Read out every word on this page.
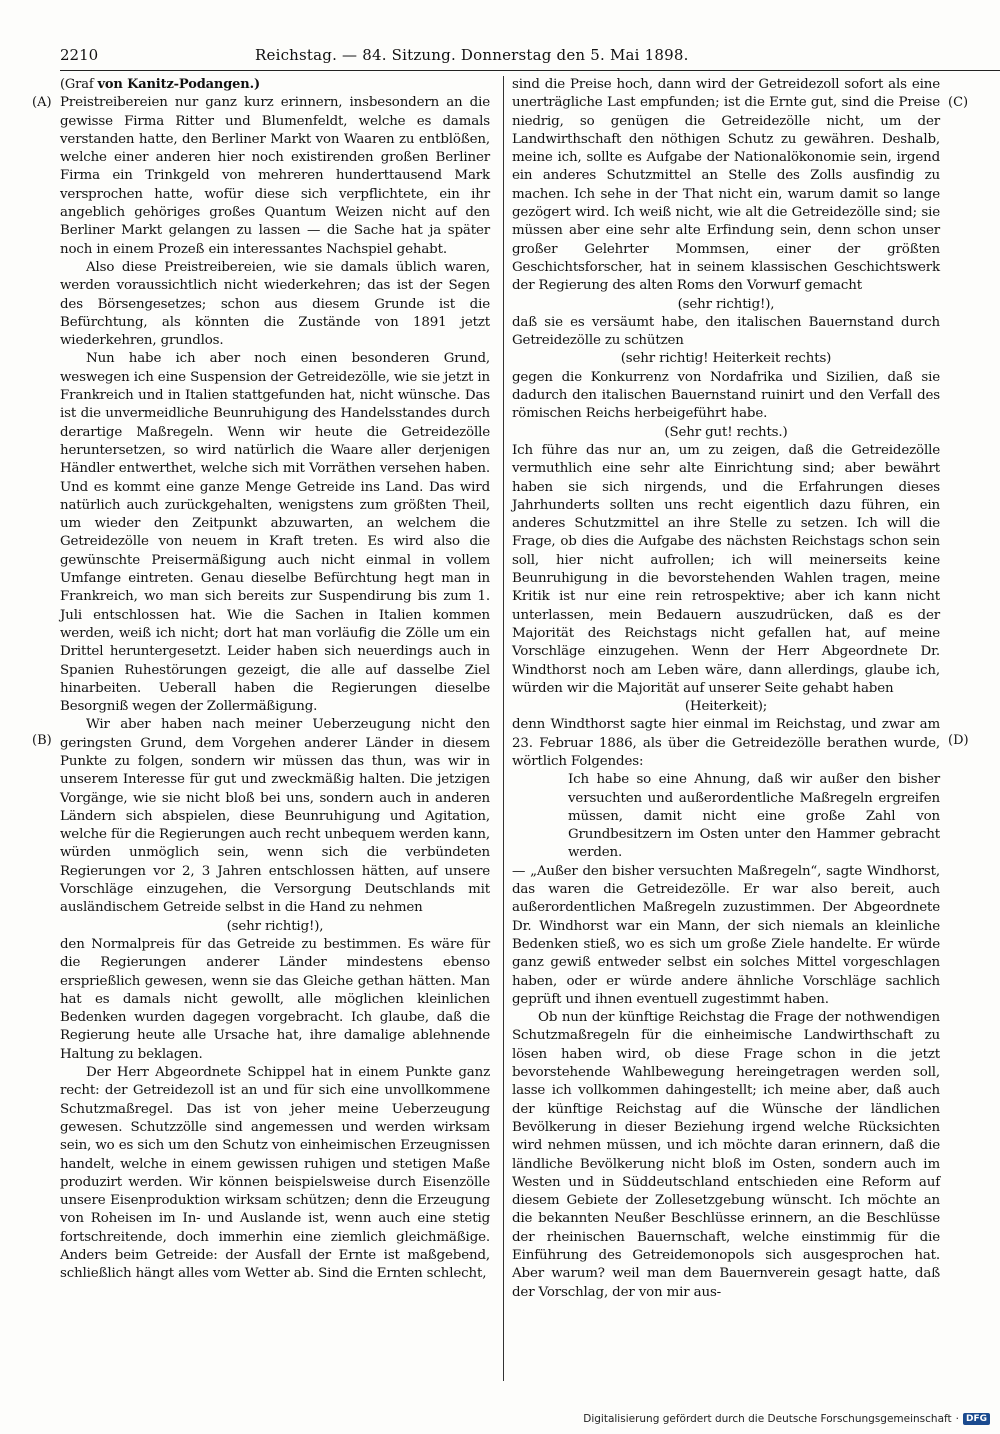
2210	Reichstag. — 84. Sitzung. Donnerstag den 5. Mai 1898.
(A)
(B)
(C)
(D)

(Graf von Kanitz-Podangen.)

Preistreibereien nur ganz kurz erinnern, insbesondern an die gewisse Firma Ritter und Blumenfeldt, welche es damals verstanden hatte, den Berliner Markt von Waaren zu entblößen, welche einer anderen hier noch existirenden großen Berliner Firma ein Trinkgeld von mehreren hunderttausend Mark versprochen hatte, wofür diese sich verpflichtete, ein ihr angeblich gehöriges großes Quantum Weizen nicht auf den Berliner Markt gelangen zu lassen — die Sache hat ja später noch in einem Prozeß ein interessantes Nachspiel gehabt.

Also diese Preistreibereien, wie sie damals üblich waren, werden voraussichtlich nicht wiederkehren; das ist der Segen des Börsengesetzes; schon aus diesem Grunde ist die Befürchtung, als könnten die Zustände von 1891 jetzt wiederkehren, grundlos.

Nun habe ich aber noch einen besonderen Grund, weswegen ich eine Suspension der Getreidezölle, wie sie jetzt in Frankreich und in Italien stattgefunden hat, nicht wünsche. Das ist die unvermeidliche Beunruhigung des Handelsstandes durch derartige Maßregeln. Wenn wir heute die Getreidezölle heruntersetzen, so wird natürlich die Waare aller derjenigen Händler entwerthet, welche sich mit Vorräthen versehen haben. Und es kommt eine ganze Menge Getreide ins Land. Das wird natürlich auch zurückgehalten, wenigstens zum größten Theil, um wieder den Zeitpunkt abzuwarten, an welchem die Getreidezölle von neuem in Kraft treten. Es wird also die gewünschte Preisermäßigung auch nicht einmal in vollem Umfange eintreten. Genau dieselbe Befürchtung hegt man in Frankreich, wo man sich bereits zur Suspendirung bis zum 1. Juli entschlossen hat. Wie die Sachen in Italien kommen werden, weiß ich nicht; dort hat man vorläufig die Zölle um ein Drittel heruntergesetzt. Leider haben sich neuerdings auch in Spanien Ruhestörungen gezeigt, die alle auf dasselbe Ziel hinarbeiten. Ueberall haben die Regierungen dieselbe Besorgniß wegen der Zollermäßigung.

Wir aber haben nach meiner Ueberzeugung nicht den geringsten Grund, dem Vorgehen anderer Länder in diesem Punkte zu folgen, sondern wir müssen das thun, was wir in unserem Interesse für gut und zweckmäßig halten. Die jetzigen Vorgänge, wie sie nicht bloß bei uns, sondern auch in anderen Ländern sich abspielen, diese Beunruhigung und Agitation, welche für die Regierungen auch recht unbequem werden kann, würden unmöglich sein, wenn sich die verbündeten Regierungen vor 2, 3 Jahren entschlossen hätten, auf unsere Vorschläge einzugehen, die Versorgung Deutschlands mit ausländischem Getreide selbst in die Hand zu nehmen

(sehr richtig!),

den Normalpreis für das Getreide zu bestimmen. Es wäre für die Regierungen anderer Länder mindestens ebenso ersprießlich gewesen, wenn sie das Gleiche gethan hätten. Man hat es damals nicht gewollt, alle möglichen kleinlichen Bedenken wurden dagegen vorgebracht. Ich glaube, daß die Regierung heute alle Ursache hat, ihre damalige ablehnende Haltung zu beklagen.

Der Herr Abgeordnete Schippel hat in einem Punkte ganz recht: der Getreidezoll ist an und für sich eine unvollkommene Schutzmaßregel. Das ist von jeher meine Ueberzeugung gewesen. Schutzzölle sind angemessen und werden wirksam sein, wo es sich um den Schutz von einheimischen Erzeugnissen handelt, welche in einem gewissen ruhigen und stetigen Maße produzirt werden. Wir können beispielsweise durch Eisenzölle unsere Eisenproduktion wirksam schützen; denn die Erzeugung von Roheisen im In- und Auslande ist, wenn auch eine stetig fortschreitende, doch immerhin eine ziemlich gleichmäßige. Anders beim Getreide: der Ausfall der Ernte ist maßgebend, schließlich hängt alles vom Wetter ab. Sind die Ernten schlecht,

sind die Preise hoch, dann wird der Getreidezoll sofort als eine unerträgliche Last empfunden; ist die Ernte gut, sind die Preise niedrig, so genügen die Getreidezölle nicht, um der Landwirthschaft den nöthigen Schutz zu gewähren. Deshalb, meine ich, sollte es Aufgabe der Nationalökonomie sein, irgend ein anderes Schutzmittel an Stelle des Zolls ausfindig zu machen. Ich sehe in der That nicht ein, warum damit so lange gezögert wird. Ich weiß nicht, wie alt die Getreidezölle sind; sie müssen aber eine sehr alte Erfindung sein, denn schon unser großer Gelehrter Mommsen, einer der größten Geschichtsforscher, hat in seinem klassischen Geschichtswerk der Regierung des alten Roms den Vorwurf gemacht

(sehr richtig!),

daß sie es versäumt habe, den italischen Bauernstand durch Getreidezölle zu schützen

(sehr richtig! Heiterkeit rechts)

gegen die Konkurrenz von Nordafrika und Sizilien, daß sie dadurch den italischen Bauernstand ruinirt und den Verfall des römischen Reichs herbeigeführt habe.

(Sehr gut! rechts.)

Ich führe das nur an, um zu zeigen, daß die Getreidezölle vermuthlich eine sehr alte Einrichtung sind; aber bewährt haben sie sich nirgends, und die Erfahrungen dieses Jahrhunderts sollten uns recht eigentlich dazu führen, ein anderes Schutzmittel an ihre Stelle zu setzen. Ich will die Frage, ob dies die Aufgabe des nächsten Reichstags schon sein soll, hier nicht aufrollen; ich will meinerseits keine Beunruhigung in die bevorstehenden Wahlen tragen, meine Kritik ist nur eine rein retrospektive; aber ich kann nicht unterlassen, mein Bedauern auszudrücken, daß es der Majorität des Reichstags nicht gefallen hat, auf meine Vorschläge einzugehen. Wenn der Herr Abgeordnete Dr. Windthorst noch am Leben wäre, dann allerdings, glaube ich, würden wir die Majorität auf unserer Seite gehabt haben

(Heiterkeit);

denn Windthorst sagte hier einmal im Reichstag, und zwar am 23. Februar 1886, als über die Getreidezölle berathen wurde, wörtlich Folgendes:

Ich habe so eine Ahnung, daß wir außer den bisher versuchten und außerordentliche Maßregeln ergreifen müssen, damit nicht eine große Zahl von Grundbesitzern im Osten unter den Hammer gebracht werden.

— „Außer den bisher versuchten Maßregeln“, sagte Windhorst, das waren die Getreidezölle. Er war also bereit, auch außerordentlichen Maßregeln zuzustimmen. Der Abgeordnete Dr. Windhorst war ein Mann, der sich niemals an kleinliche Bedenken stieß, wo es sich um große Ziele handelte. Er würde ganz gewiß entweder selbst ein solches Mittel vorgeschlagen haben, oder er würde andere ähnliche Vorschläge sachlich geprüft und ihnen eventuell zugestimmt haben.

Ob nun der künftige Reichstag die Frage der nothwendigen Schutzmaßregeln für die einheimische Landwirthschaft zu lösen haben wird, ob diese Frage schon in die jetzt bevorstehende Wahlbewegung hereingetragen werden soll, lasse ich vollkommen dahingestellt; ich meine aber, daß auch der künftige Reichstag auf die Wünsche der ländlichen Bevölkerung in dieser Beziehung irgend welche Rücksichten wird nehmen müssen, und ich möchte daran erinnern, daß die ländliche Bevölkerung nicht bloß im Osten, sondern auch im Westen und in Süddeutschland entschieden eine Reform auf diesem Gebiete der Zollesetzgebung wünscht. Ich möchte an die bekannten Neußer Beschlüsse erinnern, an die Beschlüsse der rheinischen Bauernschaft, welche einstimmig für die Einführung des Getreidemonopols sich ausgesprochen hat. Aber warum? weil man dem Bauernverein gesagt hatte, daß der Vorschlag, der von mir aus-

Digitalisierung gefördert durch die Deutsche Forschungsgemeinschaft · DFG
